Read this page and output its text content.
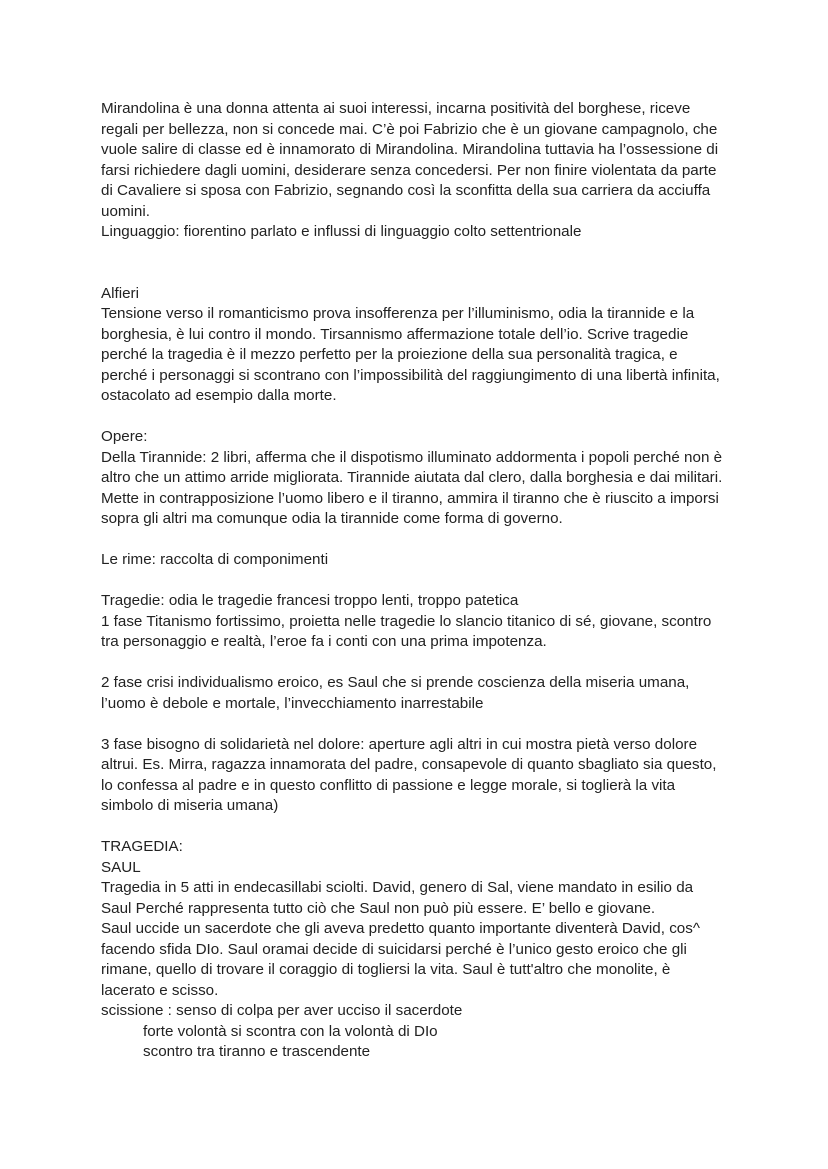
Mirandolina è una donna attenta ai suoi interessi, incarna positività del borghese, riceve
regali per bellezza, non si concede mai. C’è poi Fabrizio che è un giovane campagnolo, che
vuole salire di classe ed è innamorato di Mirandolina. Mirandolina tuttavia ha l’ossessione di
farsi richiedere dagli uomini, desiderare senza concedersi. Per non finire violentata da parte
di Cavaliere si sposa con Fabrizio, segnando così la sconfitta della sua carriera da acciuffa
uomini.
Linguaggio: fiorentino parlato e influssi di linguaggio colto settentrionale
Alfieri
Tensione verso il romanticismo prova insofferenza per l’illuminismo, odia la tirannide e la
borghesia, è lui contro il mondo. Tirsannismo affermazione totale dell’io. Scrive tragedie
perché la tragedia è il mezzo perfetto per la proiezione della sua personalità tragica, e
perché i personaggi si scontrano con l’impossibilità del raggiungimento di una libertà infinita,
ostacolato ad esempio dalla morte.
Opere:
Della Tirannide: 2 libri, afferma che il dispotismo illuminato addormenta i popoli perché non è
altro che un attimo arride migliorata. Tirannide aiutata dal clero, dalla borghesia e dai militari.
Mette in contrapposizione l’uomo libero e il tiranno, ammira il tiranno che è riuscito a imporsi
sopra gli altri ma comunque odia la tirannide come forma di governo.
Le rime: raccolta di componimenti
Tragedie: odia le tragedie francesi troppo lenti, troppo patetica
1 fase Titanismo fortissimo, proietta nelle tragedie lo slancio titanico di sé, giovane, scontro
tra personaggio e realtà, l’eroe fa i conti con una prima impotenza.
2 fase crisi individualismo eroico, es Saul che si prende coscienza della miseria umana,
l’uomo è debole e mortale, l’invecchiamento inarrestabile
3 fase bisogno di solidarietà nel dolore: aperture agli altri in cui mostra pietà verso dolore
altrui. Es. Mirra, ragazza innamorata del padre, consapevole di quanto sbagliato sia questo,
lo confessa al padre e in questo conflitto di passione e legge morale, si toglierà la vita
simbolo di miseria umana)
TRAGEDIA:
SAUL
Tragedia in 5 atti in endecasillabi sciolti. David, genero di Sal, viene mandato in esilio da
Saul Perché rappresenta tutto ciò che Saul non può più essere. E’ bello e giovane.
Saul uccide un sacerdote che gli aveva predetto quanto importante diventerà David, cos^
facendo sfida DIo. Saul oramai decide di suicidarsi perché è l’unico gesto eroico che gli
rimane, quello di trovare il coraggio di togliersi la vita. Saul è tutt'altro che monolite, è
lacerato e scisso.
scissione : senso di colpa per aver ucciso il sacerdote
forte volontà si scontra con la volontà di DIo
scontro tra tiranno e trascendente
